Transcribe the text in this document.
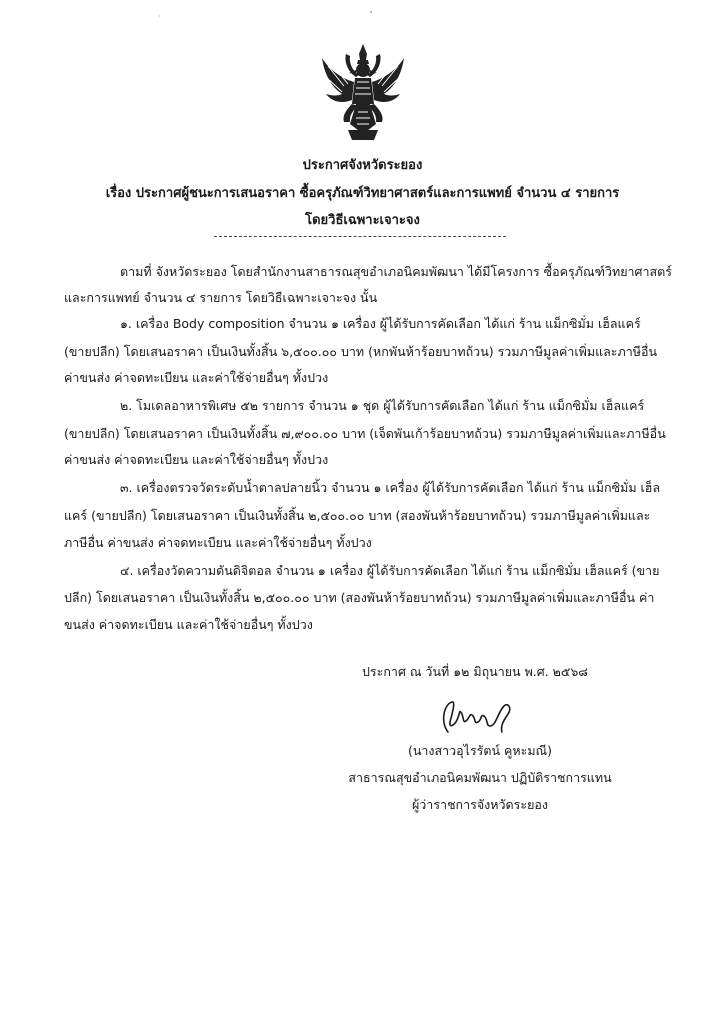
·	"
ประกาศจังหวัดระยอง
เรื่อง ประกาศผู้ชนะการเสนอราคา ซื้อครุภัณฑ์วิทยาศาสตร์และการแพทย์ จำนวน ๔ รายการ
โดยวิธีเฉพาะเจาะจง
ตามที่ จังหวัดระยอง โดยสำนักงานสาธารณสุขอำเภอนิคมพัฒนา ได้มีโครงการ ซื้อครุภัณฑ์วิทยาศาสตร์
และการแพทย์ จำนวน ๔ รายการ โดยวิธีเฉพาะเจาะจง นั้น
๑. เครื่อง Body composition จำนวน ๑ เครื่อง ผู้ได้รับการคัดเลือก ได้แก่ ร้าน แม็กซิมั่ม เฮ็ลแคร์
(ขายปลีก) โดยเสนอราคา เป็นเงินทั้งสิ้น ๖,๕๐๐.๐๐ บาท (หกพันห้าร้อยบาทถ้วน) รวมภาษีมูลค่าเพิ่มและภาษีอื่น
ค่าขนส่ง ค่าจดทะเบียน และค่าใช้จ่ายอื่นๆ ทั้งปวง
๒. โมเดลอาหารพิเศษ ๕๒ รายการ จำนวน ๑ ชุด ผู้ได้รับการคัดเลือก ได้แก่ ร้าน แม็กซิมั่ม เฮ็ลแคร์
(ขายปลีก) โดยเสนอราคา เป็นเงินทั้งสิ้น ๗,๙๐๐.๐๐ บาท (เจ็ดพันเก้าร้อยบาทถ้วน) รวมภาษีมูลค่าเพิ่มและภาษีอื่น
ค่าขนส่ง ค่าจดทะเบียน และค่าใช้จ่ายอื่นๆ ทั้งปวง
๓. เครื่องตรวจวัดระดับน้ำตาลปลายนิ้ว จำนวน ๑ เครื่อง ผู้ได้รับการคัดเลือก ได้แก่ ร้าน แม็กซิมั่ม เฮ็ล
แคร์ (ขายปลีก) โดยเสนอราคา เป็นเงินทั้งสิ้น ๒,๕๐๐.๐๐ บาท (สองพันห้าร้อยบาทถ้วน) รวมภาษีมูลค่าเพิ่มและ
ภาษีอื่น ค่าขนส่ง ค่าจดทะเบียน และค่าใช้จ่ายอื่นๆ ทั้งปวง
๔. เครื่องวัดความดันดิจิตอล จำนวน ๑ เครื่อง ผู้ได้รับการคัดเลือก ได้แก่ ร้าน แม็กซิมั่ม เฮ็ลแคร์ (ขาย
ปลีก) โดยเสนอราคา เป็นเงินทั้งสิ้น ๒,๕๐๐.๐๐ บาท (สองพันห้าร้อยบาทถ้วน) รวมภาษีมูลค่าเพิ่มและภาษีอื่น ค่า
ขนส่ง ค่าจดทะเบียน และค่าใช้จ่ายอื่นๆ ทั้งปวง
ประกาศ ณ วันที่ ๑๒ มิถุนายน พ.ศ. ๒๕๖๘
(นางสาวอุไรรัตน์ คูหะมณี)
สาธารณสุขอำเภอนิคมพัฒนา ปฏิบัติราชการแทน
ผู้ว่าราชการจังหวัดระยอง
